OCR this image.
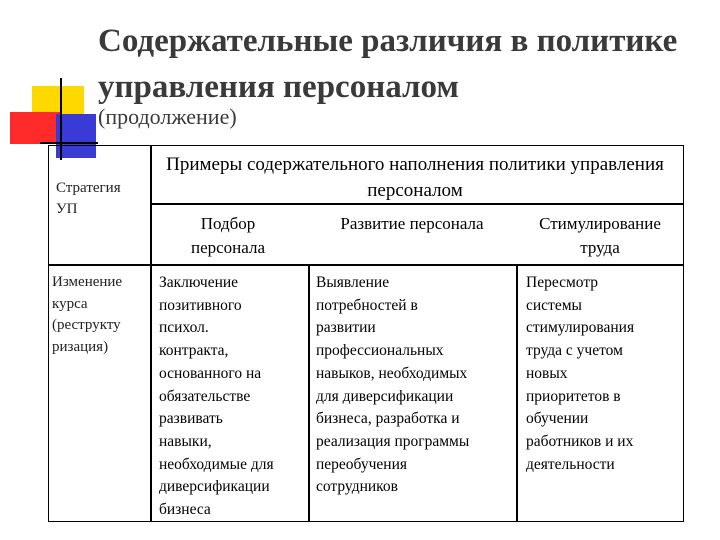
Содержательные различия в политике управления персоналом

(продолжение)

Стратегия
УП
Примеры содержательного наполнения политики управления персоналом
Подбор
персонала
Развитие персонала	Стимулирование
труда
Изменение
курса
(реструкту
ризация)
Заключение
позитивного
психол.
контракта,
основанного на
обязательстве
развивать
навыки,
необходимые для
диверсификации
бизнеса
Выявление
потребностей в
развитии
профессиональных
навыков, необходимых
для диверсификации
бизнеса, разработка и
реализация программы
переобучения
сотрудников
Пересмотр
системы
стимулирования
труда с учетом
новых
приоритетов в
обучении
работников и их
деятельности
